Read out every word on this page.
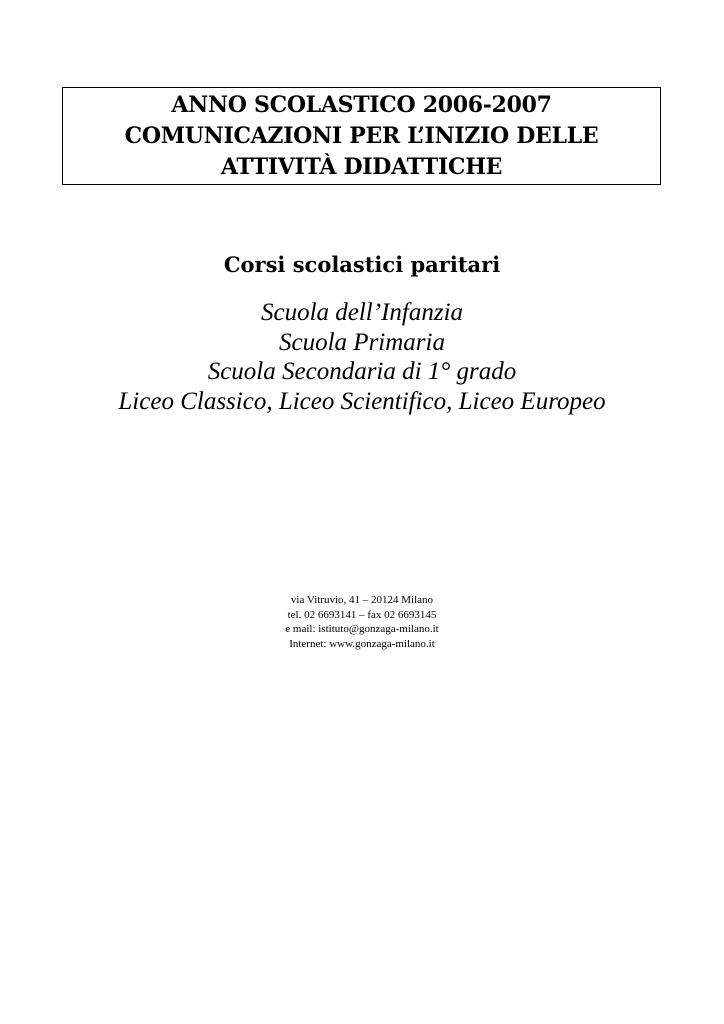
ANNO SCOLASTICO 2006-2007
COMUNICAZIONI PER L’INIZIO DELLE
ATTIVITÀ DIDATTICHE
Corsi scolastici paritari
Scuola dell’Infanzia
Scuola Primaria
Scuola Secondaria di 1° grado
Liceo Classico, Liceo Scientifico, Liceo Europeo
via Vitruvio, 41 – 20124 Milano
tel. 02 6693141 – fax 02 6693145
e mail: istituto@gonzaga-milano.it
Internet: www.gonzaga-milano.it
